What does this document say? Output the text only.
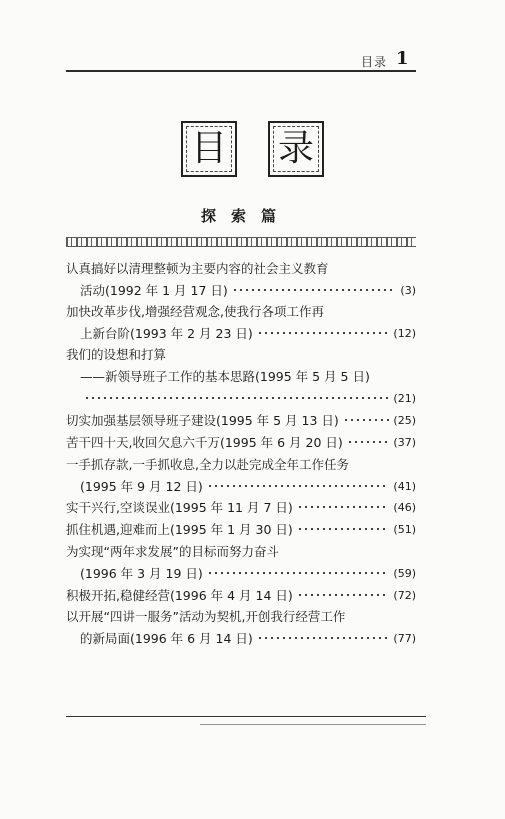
目录 1
目 录
探索篇
认真搞好以清理整顿为主要内容的社会主义教育
活动(1992 年 1 月 17 日)	(3)
加快改革步伐,增强经营观念,使我行各项工作再
上新台阶(1993 年 2 月 23 日)	(12)
我们的设想和打算
——新领导班子工作的基本思路(1995 年 5 月 5 日)
(21)
切实加强基层领导班子建设(1995 年 5 月 13 日)	(25)
苦干四十天,收回欠息六千万(1995 年 6 月 20 日)	(37)
一手抓存款,一手抓收息,全力以赴完成全年工作任务
(1995 年 9 月 12 日)	(41)
实干兴行,空谈误业(1995 年 11 月 7 日)	(46)
抓住机遇,迎难而上(1995 年 1 月 30 日)	(51)
为实现“两年求发展”的目标而努力奋斗
(1996 年 3 月 19 日)	(59)
积极开拓,稳健经营(1996 年 4 月 14 日)	(72)
以开展“四讲一服务”活动为契机,开创我行经营工作
的新局面(1996 年 6 月 14 日)	(77)
